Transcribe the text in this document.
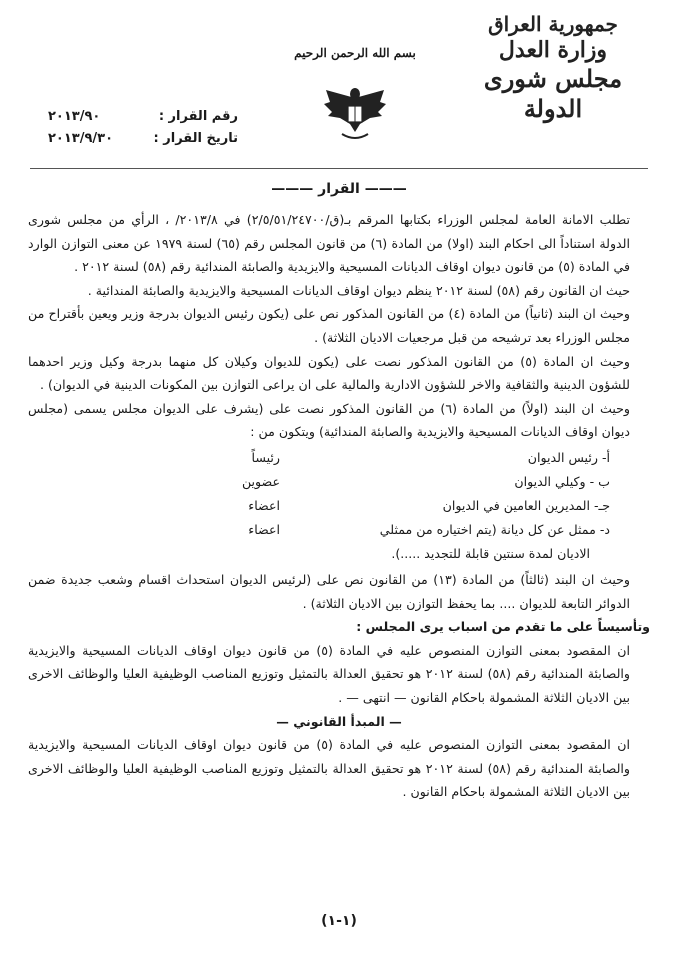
جمهورية العراق
وزارة العدل
مجلس شورى الدولة
بسم الله الرحمن الرحيم
رقم القرار :
٢٠١٣/٩٠
تاريخ القرار :
٢٠١٣/٩/٣٠
——— القرار ———

تطلب الامانة العامة لمجلس الوزراء بكتابها المرقم بـ(ق/٢/٥/٥١/٢٤٧٠٠) في ٢٠١٣/٨/ ، الرأي من مجلس شورى الدولة استناداً الى احكام البند (اولا) من المادة (٦) من قانون المجلس رقم (٦٥) لسنة ١٩٧٩ عن معنى التوازن الوارد في المادة (٥) من قانون ديوان اوقاف الديانات المسيحية والايزيدية والصابئة المندائية رقم (٥٨) لسنة ٢٠١٢ .

حيث ان القانون رقم (٥٨) لسنة ٢٠١٢ ينظم ديوان اوقاف الديانات المسيحية والايزيدية والصابئة المندائية .

وحيث ان البند (ثانياً) من المادة (٤) من القانون المذكور نص على (يكون رئيس الديوان بدرجة وزير ويعين بأقتراح من مجلس الوزراء بعد ترشيحه من قبل مرجعيات الاديان الثلاثة) .

وحيث ان المادة (٥) من القانون المذكور نصت على (يكون للديوان وكيلان كل منهما بدرجة وكيل وزير احدهما للشؤون الدينية والثقافية والاخر للشؤون الادارية والمالية على ان يراعى التوازن بين المكونات الدينية في الديوان) .

وحيث ان البند (اولاً) من المادة (٦) من القانون المذكور نصت على (يشرف على الديوان مجلس يسمى (مجلس ديوان اوقاف الديانات المسيحية والايزيدية والصابئة المندائية) ويتكون من :

أ- رئيس الديوان
رئيساً
ب - وكيلي الديوان
عضوين
جـ- المديرين العامين في الديوان
اعضاء
د- ممثل عن كل ديانة (يتم اختياره من ممثلي
اعضاء
الاديان لمدة سنتين قابلة للتجديد .....).

وحيث ان البند (ثالثاً) من المادة (١٣) من القانون نص على (لرئيس الديوان استحداث اقسام وشعب جديدة ضمن الدوائر التابعة للديوان .... بما يحفظ التوازن بين الاديان الثلاثة) .

وتأسيساً على ما تقدم من اسباب يرى المجلس :

ان المقصود بمعنى التوازن المنصوص عليه في المادة (٥) من قانون ديوان اوقاف الديانات المسيحية والايزيدية والصابئة المندائية رقم (٥٨) لسنة ٢٠١٢ هو تحقيق العدالة بالتمثيل وتوزيع المناصب الوظيفية العليا والوظائف الاخرى بين الاديان الثلاثة المشمولة باحكام القانون — انتهى — .

— المبدأ القانوني —

ان المقصود بمعنى التوازن المنصوص عليه في المادة (٥) من قانون ديوان اوقاف الديانات المسيحية والايزيدية والصابئة المندائية رقم (٥٨) لسنة ٢٠١٢ هو تحقيق العدالة بالتمثيل وتوزيع المناصب الوظيفية العليا والوظائف الاخرى بين الاديان الثلاثة المشمولة باحكام القانون .

(١-١)
